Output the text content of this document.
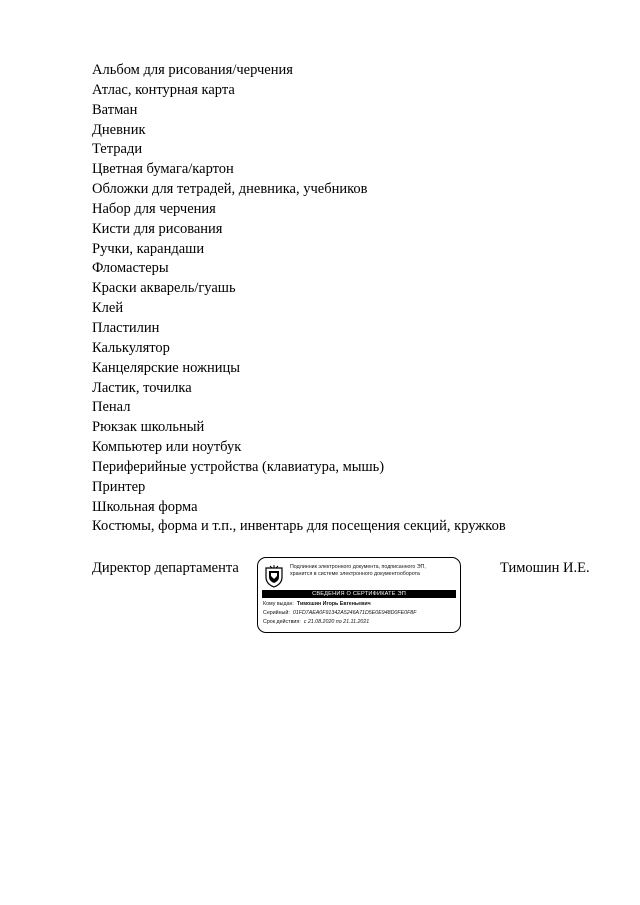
Альбом для рисования/черчения
Атлас, контурная карта
Ватман
Дневник
Тетради
Цветная бумага/картон
Обложки для тетрадей, дневника, учебников
Набор для черчения
Кисти для рисования
Ручки, карандаши
Фломастеры
Краски акварель/гуашь
Клей
Пластилин
Калькулятор
Канцелярские ножницы
Ластик, точилка
Пенал
Рюкзак школьный
Компьютер или ноутбук
Периферийные устройства (клавиатура, мышь)
Принтер
Школьная форма
Костюмы, форма и т.п., инвентарь для посещения секций, кружков
Директор департамента	Подлинник электронного документа, подписанного ЭП,
хранится в системе электронного документооборота
СВЕДЕНИЯ О СЕРТИФИКАТЕ ЭП
Кому выдан: Тимошин Игорь Евгеньевич
Серийный: 01FD7AEA0F91342A5246A71D5E0E948D0FE0F8F
Срок действия: с 21.08.2020 по 21.11.2021
Тимошин И.Е.
